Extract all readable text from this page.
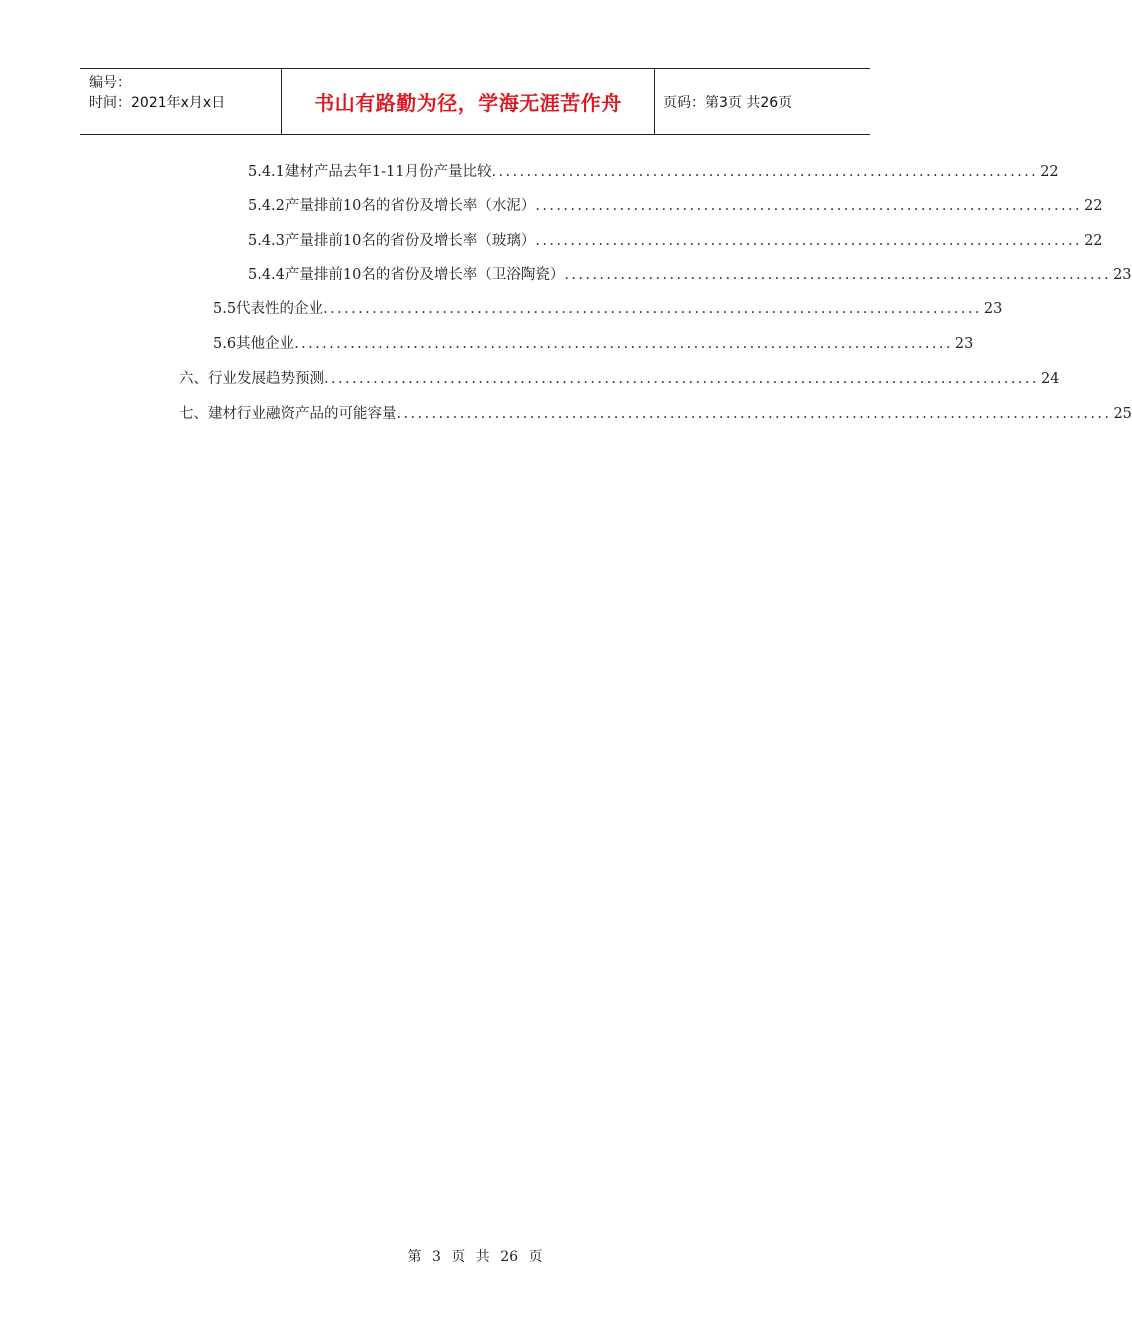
编号：
时间：2021年x月x日	书山有路勤为径，学海无涯苦作舟	页码：第3页 共26页
5.4.1建材产品去年1-11月份产量比较 .............................................................................. 22
5.4.2产量排前10名的省份及增长率（水泥） .............................................................................. 22
5.4.3产量排前10名的省份及增长率（玻璃） .............................................................................. 22
5.4.4产量排前10名的省份及增长率（卫浴陶瓷） .............................................................................. 23
5.5代表性的企业 .............................................................................................. 23
5.6其他企业 .............................................................................................. 23
六、行业发展趋势预测 ...................................................................................................... 24
七、建材行业融资产品的可能容量 ...................................................................................................... 25
第 3 页 共 26 页
